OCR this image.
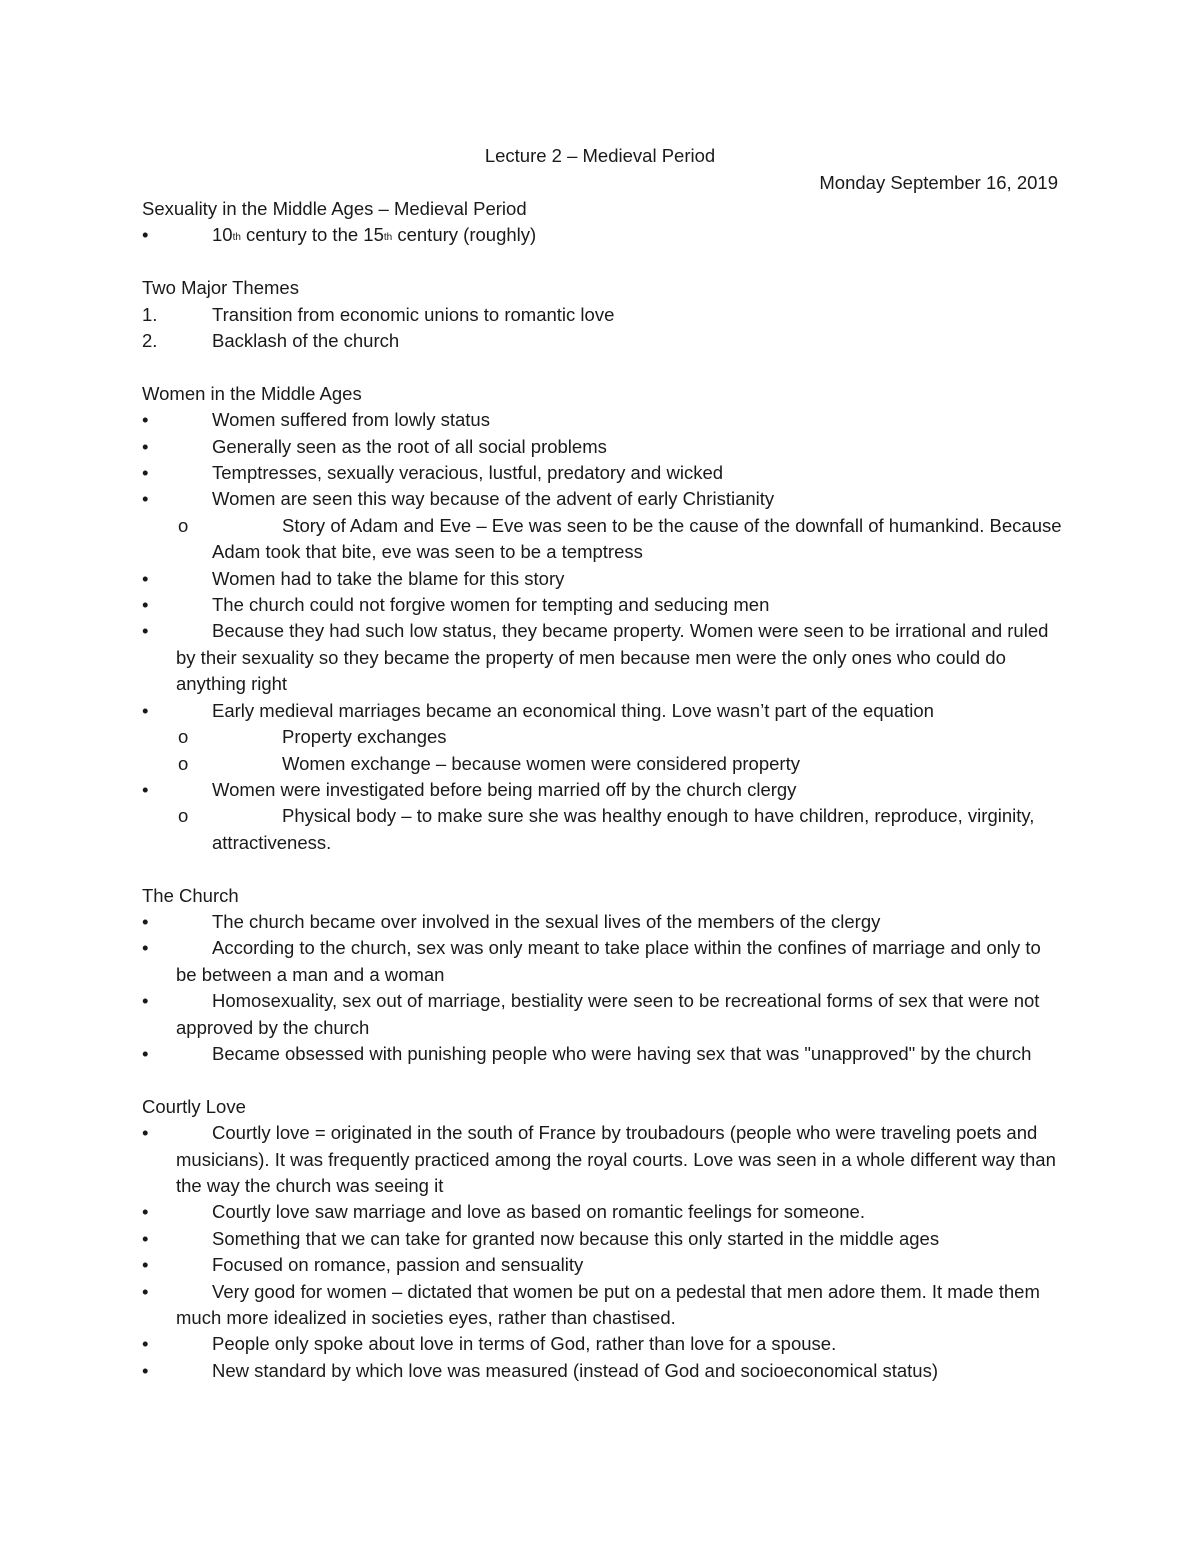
Lecture 2 – Medieval Period
Monday September 16, 2019
Sexuality in the Middle Ages – Medieval Period
•	10th century to the 15th century (roughly)
Two Major Themes
1.	Transition from economic unions to romantic love
2.	Backlash of the church
Women in the Middle Ages
•	Women suffered from lowly status
•	Generally seen as the root of all social problems
•	Temptresses, sexually veracious, lustful, predatory and wicked
•	Women are seen this way because of the advent of early Christianity
o	Story of Adam and Eve – Eve was seen to be the cause of the downfall of humankind. Because Adam took that bite, eve was seen to be a temptress
•	Women had to take the blame for this story
•	The church could not forgive women for tempting and seducing men
•	Because they had such low status, they became property. Women were seen to be irrational and ruled by their sexuality so they became the property of men because men were the only ones who could do anything right
•	Early medieval marriages became an economical thing. Love wasn’t part of the equation
o	Property exchanges
o	Women exchange – because women were considered property
•	Women were investigated before being married off by the church clergy
o	Physical body – to make sure she was healthy enough to have children, reproduce, virginity, attractiveness.
The Church
•	The church became over involved in the sexual lives of the members of the clergy
•	According to the church, sex was only meant to take place within the confines of marriage and only to be between a man and a woman
•	Homosexuality, sex out of marriage, bestiality were seen to be recreational forms of sex that were not approved by the church
•	Became obsessed with punishing people who were having sex that was "unapproved" by the church
Courtly Love
•	Courtly love = originated in the south of France by troubadours (people who were traveling poets and musicians). It was frequently practiced among the royal courts. Love was seen in a whole different way than the way the church was seeing it
•	Courtly love saw marriage and love as based on romantic feelings for someone.
•	Something that we can take for granted now because this only started in the middle ages
•	Focused on romance, passion and sensuality
•	Very good for women – dictated that women be put on a pedestal that men adore them. It made them much more idealized in societies eyes, rather than chastised.
•	People only spoke about love in terms of God, rather than love for a spouse.
•	New standard by which love was measured (instead of God and socioeconomical status)
